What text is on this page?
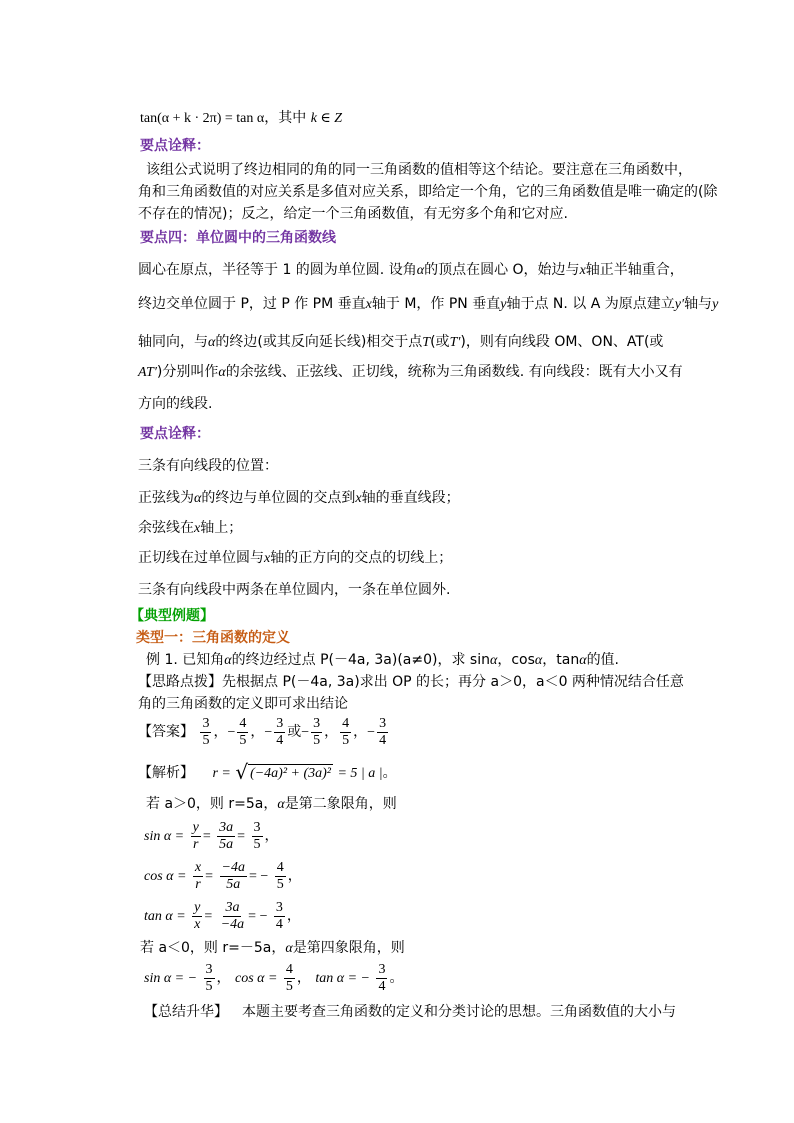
tan(α + k · 2π) = tan α，其中 k ∈ Z
要点诠释：
该组公式说明了终边相同的角的同一三角函数的值相等这个结论。要注意在三角函数中，
角和三角函数值的对应关系是多值对应关系，即给定一个角，它的三角函数值是唯一确定的(除
不存在的情况)；反之，给定一个三角函数值，有无穷多个角和它对应.
要点四：单位圆中的三角函数线
圆心在原点，半径等于 1 的圆为单位圆. 设角α的顶点在圆心 O，始边与x轴正半轴重合，
终边交单位圆于 P，过 P 作 PM 垂直x轴于 M，作 PN 垂直y轴于点 N. 以 A 为原点建立y′轴与y
轴同向，与α的终边(或其反向延长线)相交于点T(或T′)，则有向线段 OM、ON、AT(或
AT′)分别叫作α的余弦线、正弦线、正切线，统称为三角函数线. 有向线段：既有大小又有
方向的线段.
要点诠释：
三条有向线段的位置：
正弦线为α的终边与单位圆的交点到x轴的垂直线段；
余弦线在x轴上；
正切线在过单位圆与x轴的正方向的交点的切线上；
三条有向线段中两条在单位圆内，一条在单位圆外.
【典型例题】
类型一：三角函数的定义
例 1. 已知角α的终边经过点 P(－4a, 3a)(a≠0)，求 sinα，cosα，tanα的值.
【思路点拨】先根据点 P(－4a, 3a)求出 OP 的长；再分 a＞0，a＜0 两种情况结合任意
角的三角函数的定义即可求出结论
【答案】 $\frac{3}{5}$ ，− $\frac{4}{5}$ ，− $\frac{3}{4}$ 或− $\frac{3}{5}$ ， $\frac{4}{5}$ ，− $\frac{3}{4}$
【解析】 r = √ (−4a)² + (3a)² = 5 | a |。
若 a＞0，则 r=5a，α是第二象限角，则
$\sin \alpha = \frac{y}{r} = \frac{3a}{5a} = \frac{3}{5}$ ，
$\cos \alpha = \frac{x}{r} = \frac{-4a}{5a}$ = − $\frac{4}{5}$ ，
$\tan \alpha = \frac{y}{x} = \frac{3a}{-4a}$ = − $\frac{3}{4}$ ，
若 a＜0，则 r=－5a，α是第四象限角，则
sin α = − $\frac{3}{5}$ ， $\cos \alpha = \frac{4}{5}$ ， tan α = − $\frac{3}{4}$ 。
【总结升华】 本题主要考查三角函数的定义和分类讨论的思想。三角函数值的大小与
